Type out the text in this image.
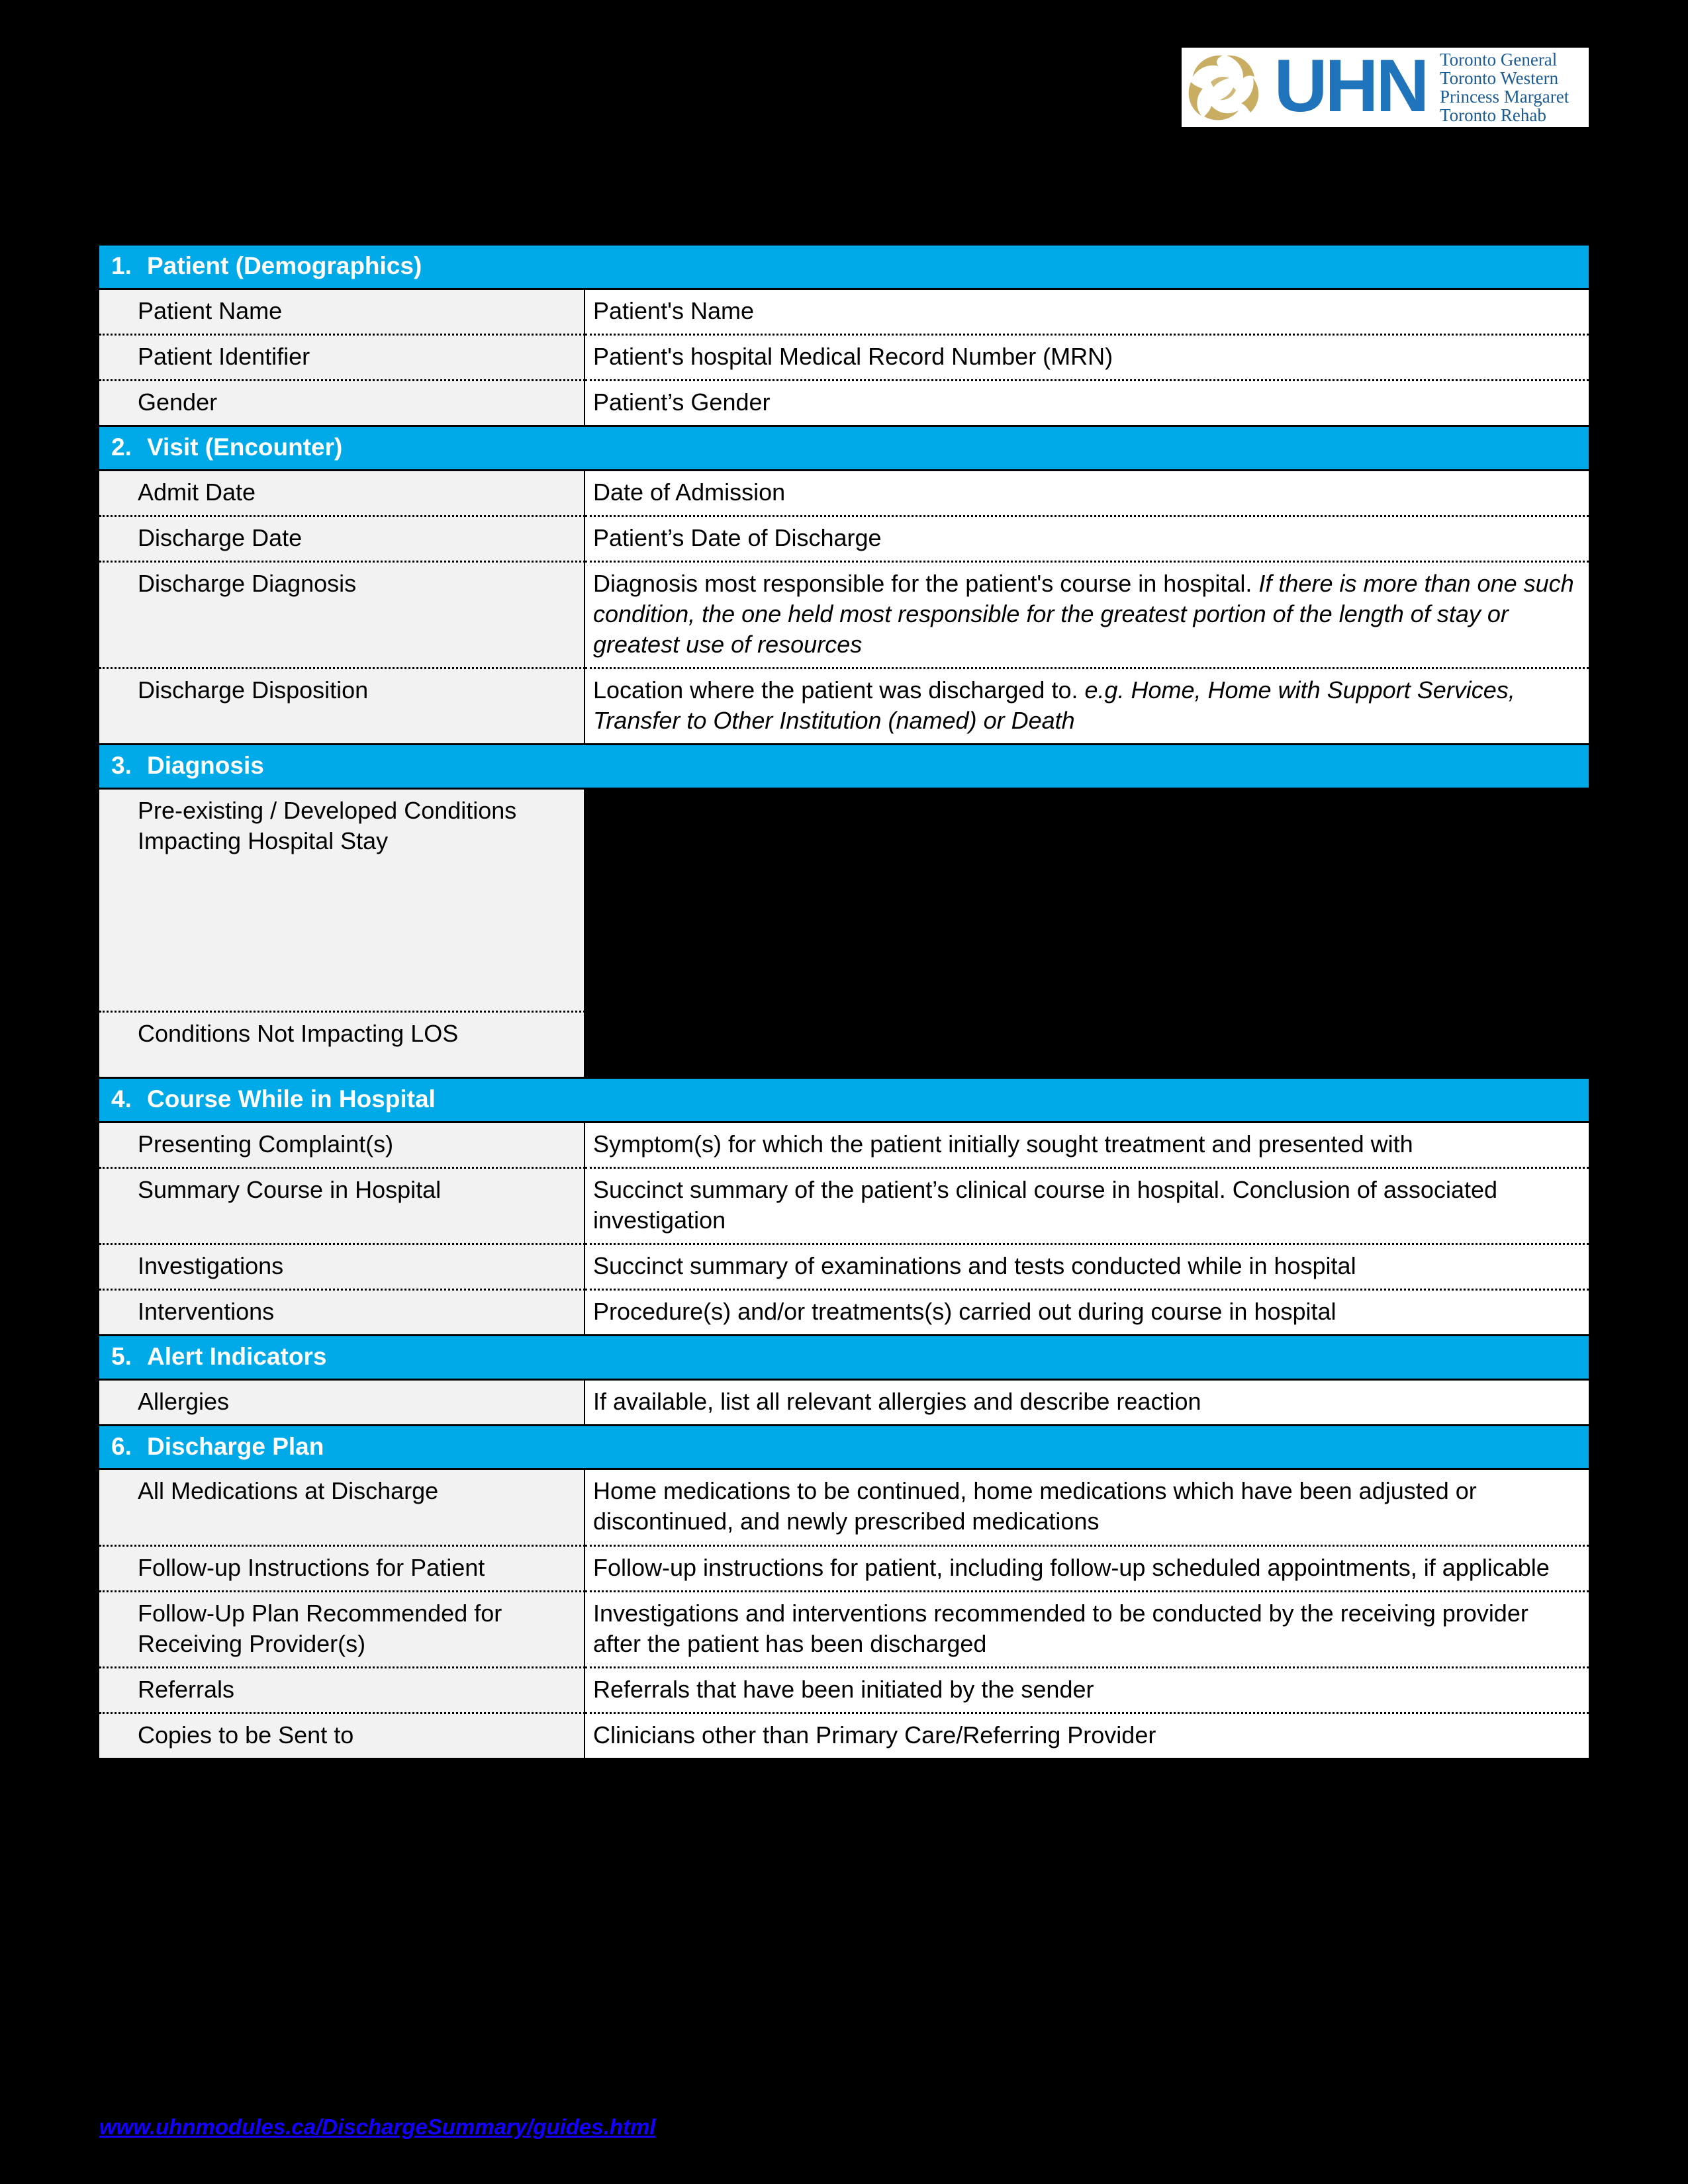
UHN Toronto General
Toronto Western
Princess Margaret
Toronto Rehab
1. Patient (Demographics)	

Patient Name	Patient's Name
Patient Identifier	Patient's hospital Medical Record Number (MRN)
Gender	Patient’s Gender

2. Visit (Encounter)	

Admit Date	Date of Admission
Discharge Date	Patient’s Date of Discharge
Discharge Diagnosis	Diagnosis most responsible for the patient's course in hospital. If there is more than one such condition, the one held most responsible for the greatest portion of the length of stay or greatest use of resources
Discharge Disposition	Location where the patient was discharged to. e.g. Home, Home with Support Services, Transfer to Other Institution (named) or Death

3. Diagnosis	

Pre-existing / Developed Conditions Impacting Hospital Stay	
Conditions Not Impacting LOS	

4. Course While in Hospital	

Presenting Complaint(s)	Symptom(s) for which the patient initially sought treatment and presented with
Summary Course in Hospital	Succinct summary of the patient’s clinical course in hospital. Conclusion of associated investigation
Investigations	Succinct summary of examinations and tests conducted while in hospital
Interventions	Procedure(s) and/or treatments(s) carried out during course in hospital

5. Alert Indicators	

Allergies	If available, list all relevant allergies and describe reaction

6. Discharge Plan	

All Medications at Discharge	Home medications to be continued, home medications which have been adjusted or discontinued, and newly prescribed medications
Follow-up Instructions for Patient	Follow-up instructions for patient, including follow-up scheduled appointments, if applicable
Follow-Up Plan Recommended for Receiving Provider(s)	Investigations and interventions recommended to be conducted by the receiving provider after the patient has been discharged
Referrals	Referrals that have been initiated by the sender
Copies to be Sent to	Clinicians other than Primary Care/Referring Provider
www.uhnmodules.ca/DischargeSummary/guides.html
